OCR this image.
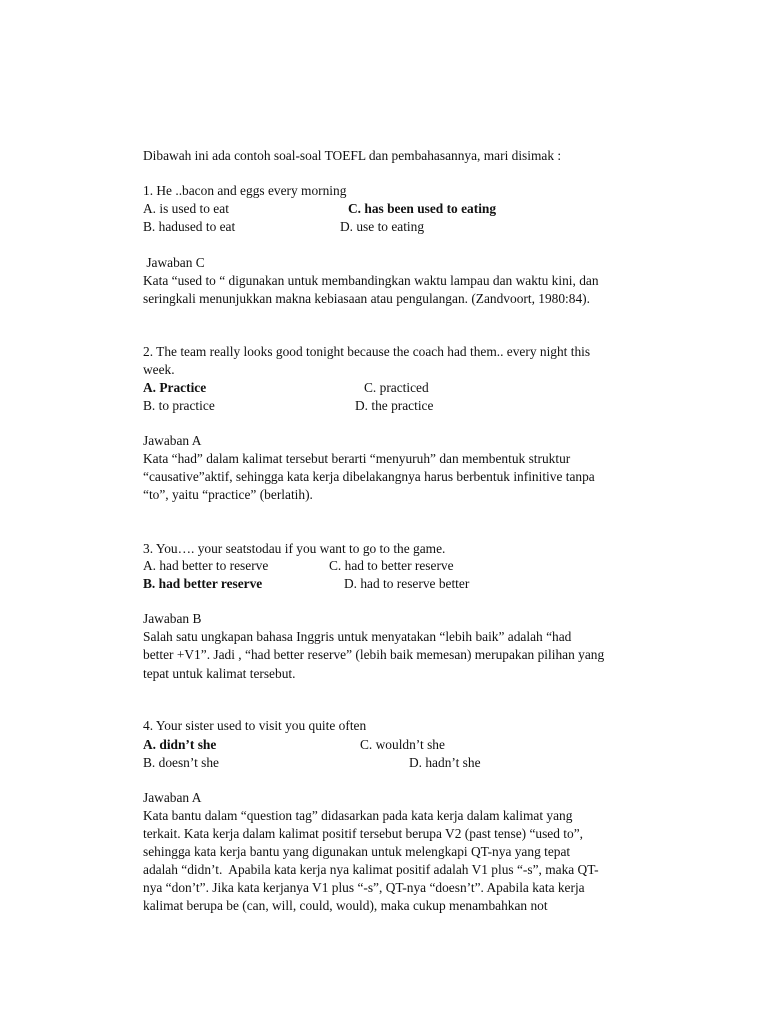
Dibawah ini ada contoh soal-soal TOEFL dan pembahasannya, mari disimak :
1. He ..bacon and eggs every morning
A. is used to eat	C. has been used to eating
B. hadused to eat	D. use to eating
Jawaban C
Kata “used to “ digunakan untuk membandingkan waktu lampau dan waktu kini, dan
seringkali menunjukkan makna kebiasaan atau pengulangan. (Zandvoort, 1980:84).
2. The team really looks good tonight because the coach had them.. every night this
week.
A. Practice	C. practiced
B. to practice	D. the practice
Jawaban A
Kata “had” dalam kalimat tersebut berarti “menyuruh” dan membentuk struktur
“causative”aktif, sehingga kata kerja dibelakangnya harus berbentuk infinitive tanpa
“to”, yaitu “practice” (berlatih).
3. You…. your seatstodau if you want to go to the game.
A. had better to reserve	C. had to better reserve
B. had better reserve	D. had to reserve better
Jawaban B
Salah satu ungkapan bahasa Inggris untuk menyatakan “lebih baik” adalah “had
better +V1”. Jadi , “had better reserve” (lebih baik memesan) merupakan pilihan yang
tepat untuk kalimat tersebut.
4. Your sister used to visit you quite often
A. didn’t she	C. wouldn’t she
B. doesn’t she	D. hadn’t she
Jawaban A
Kata bantu dalam “question tag” didasarkan pada kata kerja dalam kalimat yang
terkait. Kata kerja dalam kalimat positif tersebut berupa V2 (past tense) “used to”,
sehingga kata kerja bantu yang digunakan untuk melengkapi QT-nya yang tepat
adalah “didn’t.  Apabila kata kerja nya kalimat positif adalah V1 plus “-s”, maka QT-
nya “don’t”. Jika kata kerjanya V1 plus “-s”, QT-nya “doesn’t”. Apabila kata kerja
kalimat berupa be (can, will, could, would), maka cukup menambahkan not
